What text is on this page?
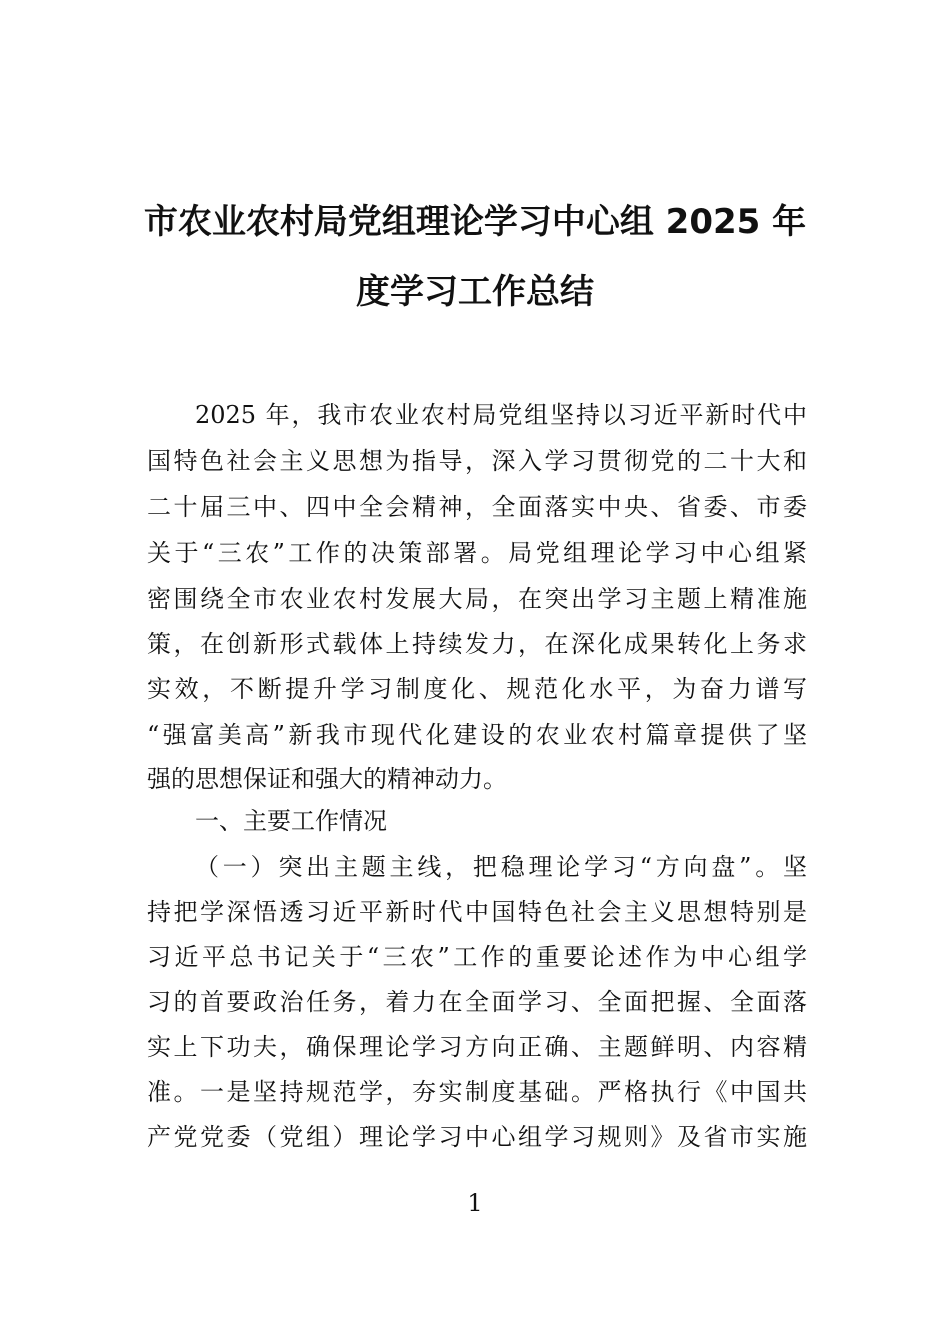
市农业农村局党组理论学习中心组 2025 年
度学习工作总结
2025 年，我市农业农村局党组坚持以习近平新时代中
国特色社会主义思想为指导，深入学习贯彻党的二十大和
二十届三中、四中全会精神，全面落实中央、省委、市委
关于“三农”工作的决策部署。局党组理论学习中心组紧
密围绕全市农业农村发展大局，在突出学习主题上精准施
策，在创新形式载体上持续发力，在深化成果转化上务求
实效，不断提升学习制度化、规范化水平，为奋力谱写
“强富美高”新我市现代化建设的农业农村篇章提供了坚
强的思想保证和强大的精神动力。
一、主要工作情况
（一）突出主题主线，把稳理论学习“方向盘”。坚
持把学深悟透习近平新时代中国特色社会主义思想特别是
习近平总书记关于“三农”工作的重要论述作为中心组学
习的首要政治任务，着力在全面学习、全面把握、全面落
实上下功夫，确保理论学习方向正确、主题鲜明、内容精
准。一是坚持规范学，夯实制度基础。严格执行《中国共
产党党委（党组）理论学习中心组学习规则》及省市实施
1
